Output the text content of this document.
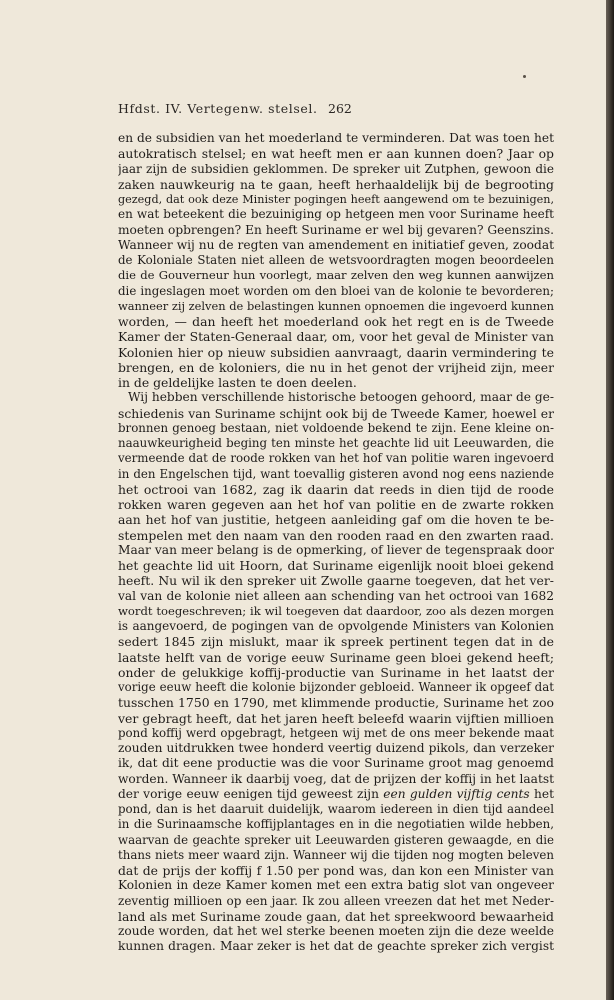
Hfdst. IV. Vertegenw. stelsel. 262
en de subsidien van het moederland te verminderen. Dat was toen het
autokratisch stelsel; en wat heeft men er aan kunnen doen? Jaar op
jaar zijn de subsidien geklommen. De spreker uit Zutphen, gewoon die
zaken nauwkeurig na te gaan, heeft herhaaldelijk bij de begrooting
gezegd, dat ook deze Minister pogingen heeft aangewend om te bezuinigen,
en wat beteekent die bezuiniging op hetgeen men voor Suriname heeft
moeten opbrengen? En heeft Suriname er wel bij gevaren? Geenszins.
Wanneer wij nu de regten van amendement en initiatief geven, zoodat
de Koloniale Staten niet alleen de wetsvoordragten mogen beoordeelen
die de Gouverneur hun voorlegt, maar zelven den weg kunnen aanwijzen
die ingeslagen moet worden om den bloei van de kolonie te bevorderen;
wanneer zij zelven de belastingen kunnen opnoemen die ingevoerd kunnen
worden, — dan heeft het moederland ook het regt en is de Tweede
Kamer der Staten-Generaal daar, om, voor het geval de Minister van
Kolonien hier op nieuw subsidien aanvraagt, daarin vermindering te
brengen, en de koloniers, die nu in het genot der vrijheid zijn, meer
in de geldelijke lasten te doen deelen.
Wij hebben verschillende historische betoogen gehoord, maar de ge-
schiedenis van Suriname schijnt ook bij de Tweede Kamer, hoewel er
bronnen genoeg bestaan, niet voldoende bekend te zijn. Eene kleine on-
naauwkeurigheid beging ten minste het geachte lid uit Leeuwarden, die
vermeende dat de roode rokken van het hof van politie waren ingevoerd
in den Engelschen tijd, want toevallig gisteren avond nog eens naziende
het octrooi van 1682, zag ik daarin dat reeds in dien tijd de roode
rokken waren gegeven aan het hof van politie en de zwarte rokken
aan het hof van justitie, hetgeen aanleiding gaf om die hoven te be-
stempelen met den naam van den rooden raad en den zwarten raad.
Maar van meer belang is de opmerking, of liever de tegenspraak door
het geachte lid uit Hoorn, dat Suriname eigenlijk nooit bloei gekend
heeft. Nu wil ik den spreker uit Zwolle gaarne toegeven, dat het ver-
val van de kolonie niet alleen aan schending van het octrooi van 1682
wordt toegeschreven; ik wil toegeven dat daardoor, zoo als dezen morgen
is aangevoerd, de pogingen van de opvolgende Ministers van Kolonien
sedert 1845 zijn mislukt, maar ik spreek pertinent tegen dat in de
laatste helft van de vorige eeuw Suriname geen bloei gekend heeft;
onder de gelukkige koffij-productie van Suriname in het laatst der
vorige eeuw heeft die kolonie bijzonder gebloeid. Wanneer ik opgeef dat
tusschen 1750 en 1790, met klimmende productie, Suriname het zoo
ver gebragt heeft, dat het jaren heeft beleefd waarin vijftien millioen
pond koffij werd opgebragt, hetgeen wij met de ons meer bekende maat
zouden uitdrukken twee honderd veertig duizend pikols, dan verzeker
ik, dat dit eene productie was die voor Suriname groot mag genoemd
worden. Wanneer ik daarbij voeg, dat de prijzen der koffij in het laatst
der vorige eeuw eenigen tijd geweest zijn een gulden vijftig cents het
pond, dan is het daaruit duidelijk, waarom iedereen in dien tijd aandeel
in die Surinaamsche koffijplantages en in die negotiatien wilde hebben,
waarvan de geachte spreker uit Leeuwarden gisteren gewaagde, en die
thans niets meer waard zijn. Wanneer wij die tijden nog mogten beleven
dat de prijs der koffij f 1.50 per pond was, dan kon een Minister van
Kolonien in deze Kamer komen met een extra batig slot van ongeveer
zeventig millioen op een jaar. Ik zou alleen vreezen dat het met Neder-
land als met Suriname zoude gaan, dat het spreekwoord bewaarheid
zoude worden, dat het wel sterke beenen moeten zijn die deze weelde
kunnen dragen. Maar zeker is het dat de geachte spreker zich vergist
